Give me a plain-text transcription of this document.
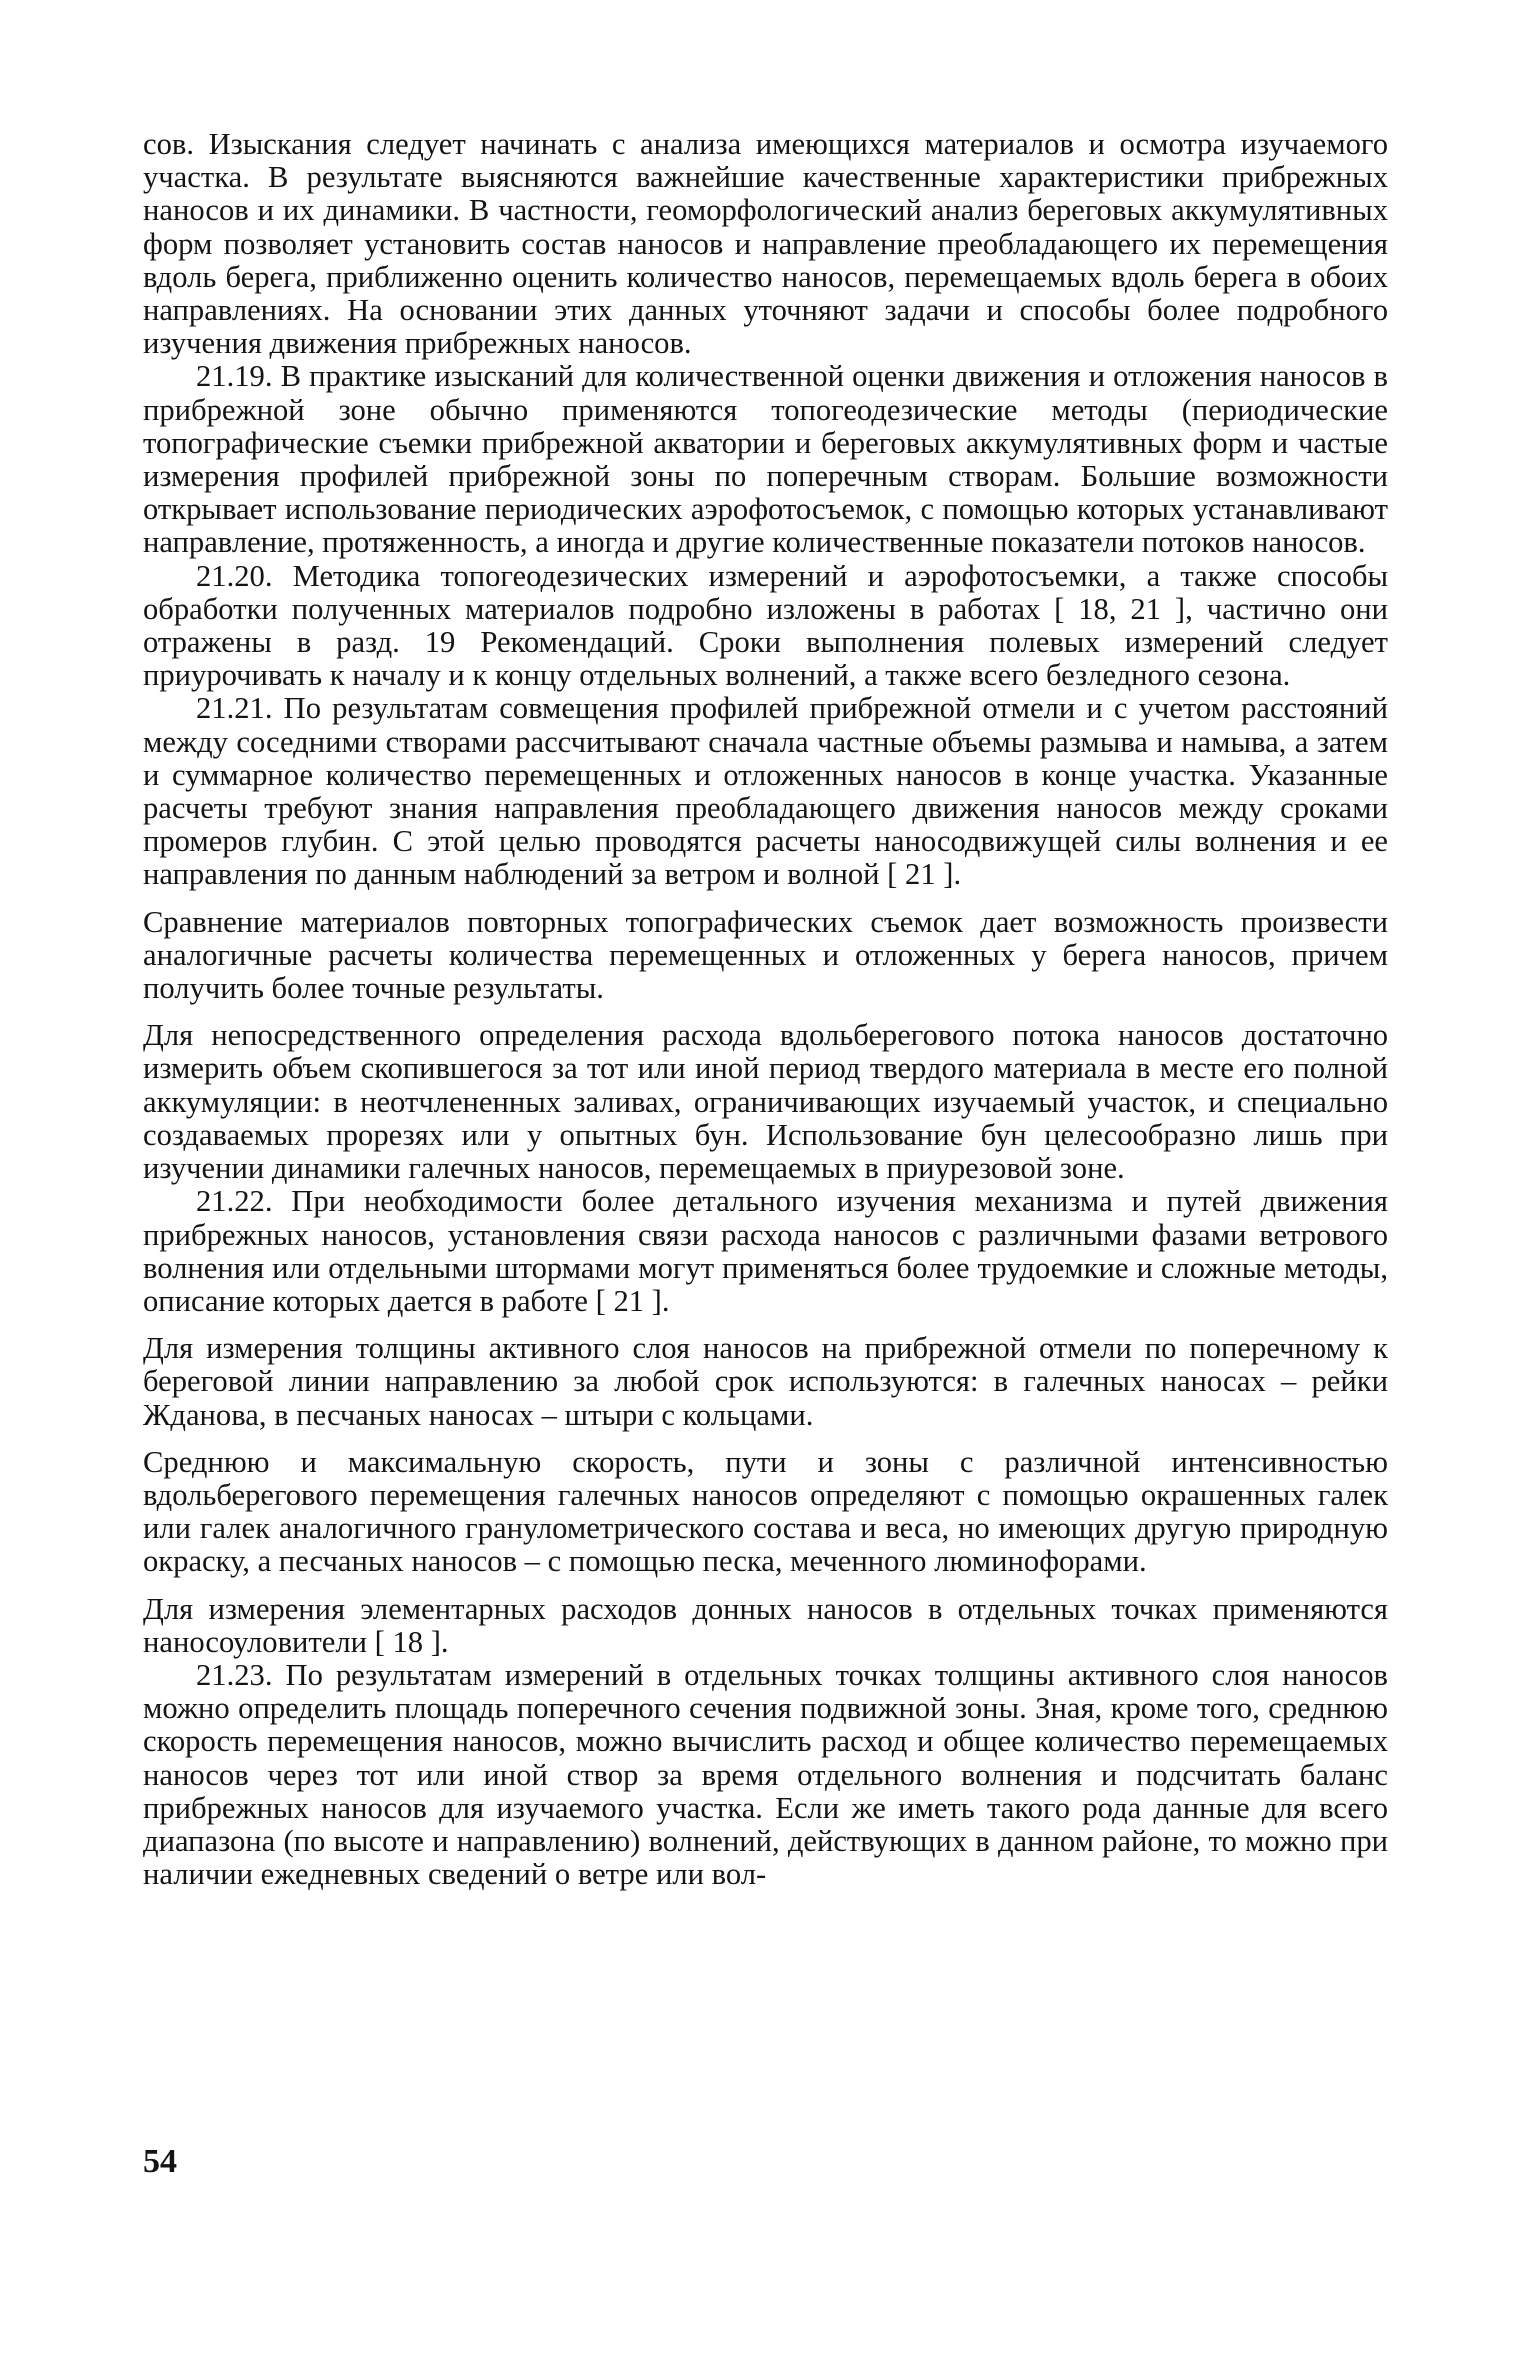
сов. Изыскания следует начинать с анализа имеющихся материалов и осмотра изучаемого участка. В результате выясняются важнейшие качественные характеристики прибрежных наносов и их динамики. В частности, геоморфологический анализ береговых аккумулятивных форм позволяет установить состав наносов и направление преобладающего их перемещения вдоль берега, приближенно оценить количество наносов, перемещаемых вдоль берега в обоих направлениях. На основании этих данных уточняют задачи и способы более подробного изучения движения прибрежных наносов.

21.19. В практике изысканий для количественной оценки движения и отложения наносов в прибрежной зоне обычно применяются топогеодезические методы (периодические топографические съемки прибрежной акватории и береговых аккумулятивных форм и частые измерения профилей прибрежной зоны по поперечным створам. Большие возможности открывает использование периодических аэрофотосъемок, с помощью которых устанавливают направление, протяженность, а иногда и другие количественные показатели потоков наносов.

21.20. Методика топогеодезических измерений и аэрофотосъемки, а также способы обработки полученных материалов подробно изложены в работах [ 18, 21 ], частично они отражены в разд. 19 Рекомендаций. Сроки выполнения полевых измерений следует приурочивать к началу и к концу отдельных волнений, а также всего безледного сезона.

21.21. По результатам совмещения профилей прибрежной отмели и с учетом расстояний между соседними створами рассчитывают сначала частные объемы размыва и намыва, а затем и суммарное количество перемещенных и отложенных наносов в конце участка. Указанные расчеты требуют знания направления преобладающего движения наносов между сроками промеров глубин. С этой целью проводятся расчеты наносодвижущей силы волнения и ее направления по данным наблюдений за ветром и волной [ 21 ].

Сравнение материалов повторных топографических съемок дает возможность произвести аналогичные расчеты количества перемещенных и отложенных у берега наносов, причем получить более точные результаты.

Для непосредственного определения расхода вдольберегового потока наносов достаточно измерить объем скопившегося за тот или иной период твердого материала в месте его полной аккумуляции: в неотчлененных заливах, ограничивающих изучаемый участок, и специально создаваемых прорезях или у опытных бун. Использование бун целесообразно лишь при изучении динамики галечных наносов, перемещаемых в приурезовой зоне.

21.22. При необходимости более детального изучения механизма и путей движения прибрежных наносов, установления связи расхода наносов с различными фазами ветрового волнения или отдельными штормами могут применяться более трудоемкие и сложные методы, описание которых дается в работе [ 21 ].

Для измерения толщины активного слоя наносов на прибрежной отмели по поперечному к береговой линии направлению за любой срок используются: в галечных наносах – рейки Жданова, в песчаных наносах – штыри с кольцами.

Среднюю и максимальную скорость, пути и зоны с различной интенсивностью вдольберегового перемещения галечных наносов определяют с помощью окрашенных галек или галек аналогичного гранулометрического состава и веса, но имеющих другую природную окраску, а песчаных наносов – с помощью песка, меченного люминофорами.

Для измерения элементарных расходов донных наносов в отдельных точках применяются наносоуловители [ 18 ].

21.23. По результатам измерений в отдельных точках толщины активного слоя наносов можно определить площадь поперечного сечения подвижной зоны. Зная, кроме того, среднюю скорость перемещения наносов, можно вычислить расход и общее количество перемещаемых наносов через тот или иной створ за время отдельного волнения и подсчитать баланс прибрежных наносов для изучаемого участка. Если же иметь такого рода данные для всего диапазона (по высоте и направлению) волнений, действующих в данном районе, то можно при наличии ежедневных сведений о ветре или вол-

54
